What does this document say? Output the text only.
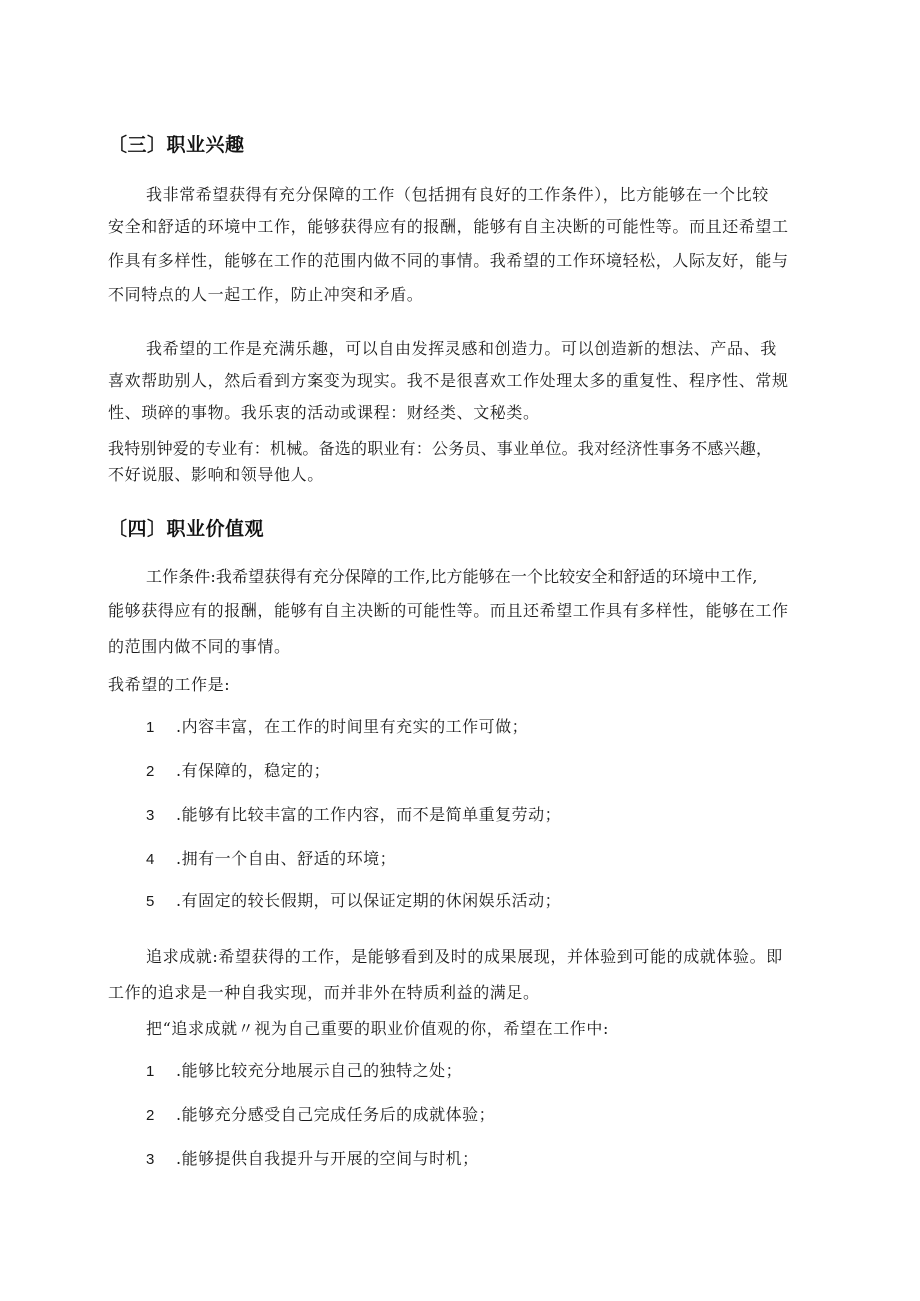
〔三〕职业兴趣
我非常希望获得有充分保障的工作（包括拥有良好的工作条件），比方能够在一个比较
安全和舒适的环境中工作，能够获得应有的报酬，能够有自主决断的可能性等。而且还希望工
作具有多样性，能够在工作的范围内做不同的事情。我希望的工作环境轻松，人际友好，能与
不同特点的人一起工作，防止冲突和矛盾。
我希望的工作是充满乐趣，可以自由发挥灵感和创造力。可以创造新的想法、产品、我
喜欢帮助别人，然后看到方案变为现实。我不是很喜欢工作处理太多的重复性、程序性、常规
性、琐碎的事物。我乐衷的活动或课程：财经类、文秘类。
我特别钟爱的专业有：机械。备选的职业有：公务员、事业单位。我对经济性事务不感兴趣，
不好说服、影响和领导他人。
〔四〕职业价值观
工作条件:我希望获得有充分保障的工作,比方能够在一个比较安全和舒适的环境中工作,
能够获得应有的报酬，能够有自主决断的可能性等。而且还希望工作具有多样性，能够在工作
的范围内做不同的事情。
我希望的工作是:
1 .内容丰富，在工作的时间里有充实的工作可做；
2 .有保障的，稳定的；
3 .能够有比较丰富的工作内容，而不是简单重复劳动；
4 .拥有一个自由、舒适的环境；
5 .有固定的较长假期，可以保证定期的休闲娱乐活动；
追求成就:希望获得的工作，是能够看到及时的成果展现，并体验到可能的成就体验。即
工作的追求是一种自我实现，而并非外在特质利益的满足。
把“追求成就〃视为自己重要的职业价值观的你，希望在工作中:
1 .能够比较充分地展示自己的独特之处；
2 .能够充分感受自己完成任务后的成就体验；
3 .能够提供自我提升与开展的空间与时机；
